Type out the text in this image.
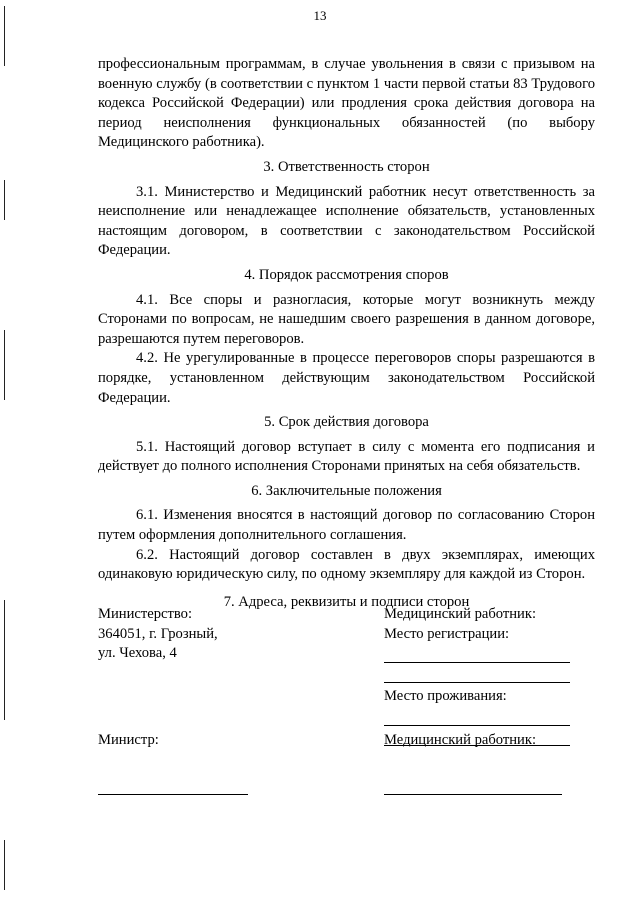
13

профессиональным программам, в случае увольнения в связи с призывом на военную службу (в соответствии с пунктом 1 части первой статьи 83 Трудового кодекса Российской Федерации) или продления срока действия договора на период неисполнения функциональных обязанностей (по выбору Медицинского работника).

3. Ответственность сторон

3.1. Министерство и Медицинский работник несут ответственность за неисполнение или ненадлежащее исполнение обязательств, установленных настоящим договором, в соответствии с законодательством Российской Федерации.

4. Порядок рассмотрения споров

4.1. Все споры и разногласия, которые могут возникнуть между Сторонами по вопросам, не нашедшим своего разрешения в данном договоре, разрешаются путем переговоров.

4.2. Не урегулированные в процессе переговоров споры разрешаются в порядке, установленном действующим законодательством Российской Федерации.

5. Срок действия договора

5.1. Настоящий договор вступает в силу с момента его подписания и действует до полного исполнения Сторонами принятых на себя обязательств.

6. Заключительные положения

6.1. Изменения вносятся в настоящий договор по согласованию Сторон путем оформления дополнительного соглашения.

6.2. Настоящий договор составлен в двух экземплярах, имеющих одинаковую юридическую силу, по одному экземпляру для каждой из Сторон.

7. Адреса, реквизиты и подписи сторон
Министерство:
364051, г. Грозный,
ул. Чехова, 4
Медицинский работник:
Место регистрации:
Место проживания:
Министр:	Медицинский работник:
